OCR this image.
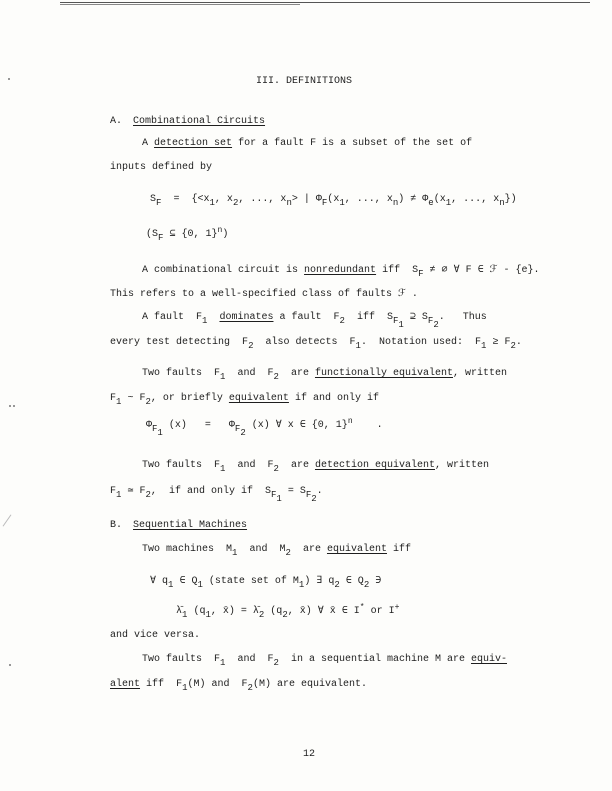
III. DEFINITIONS
A. Combinational Circuits
A detection set for a fault F is a subset of the set of
inputs defined by
$S_F = \{<x_1$, $x_2$, ..., $x_n>$ | $\Phi_F(x_1$, ..., $x_n) \ne \Phi_e(x_1$, ..., $x_n$})
($S_F$ ⊆ {0, 1}$^n$)
A combinational circuit is nonredundant iff $S_F$ ≠ ∅ ∀ F ∈ ℱ - {e}.
This refers to a well-specified class of faults ℱ .
A fault $F_1$ dominates a fault $F_2$ iff $S_{F_1}$ ⊇ $S_{F_2}$. Thus
every test detecting $F_2$ also detects $F_1$. Notation used: $F_1 \ge F_2$.
Two faults $F_1$ and $F_2$ are functionally equivalent, written
$F_1$ ~ $F_2$, or briefly equivalent if and only if
$\Phi_{F_1}$ $(x) = \Phi_{F_2}$ (x) ∀ x ∈ {0, 1}$^n$ .
Two faults $F_1$ and $F_2$ are detection equivalent, written
$F_1$ ≃ $F_2$, if and only if $S_{F_1} = S_{F_2}$.
B. Sequential Machines
Two machines $M_1$ and $M_2$ are equivalent iff
∀ $q_1$ ∈ $Q_1$ (state set of $M_1$) ∃ $q_2$ ∈ $Q_2$ ∋
$\lambdā_1$ ($q_1$, x̄) = $\lambdā_2$ ($q_2$, x̄) ∀ x̄ ∈ I* or I+
and vice versa.
Two faults $F_1$ and $F_2$ in a sequential machine M are equiv-
alent iff $F_1(M)$ and $F_2(M)$ are equivalent.
12
